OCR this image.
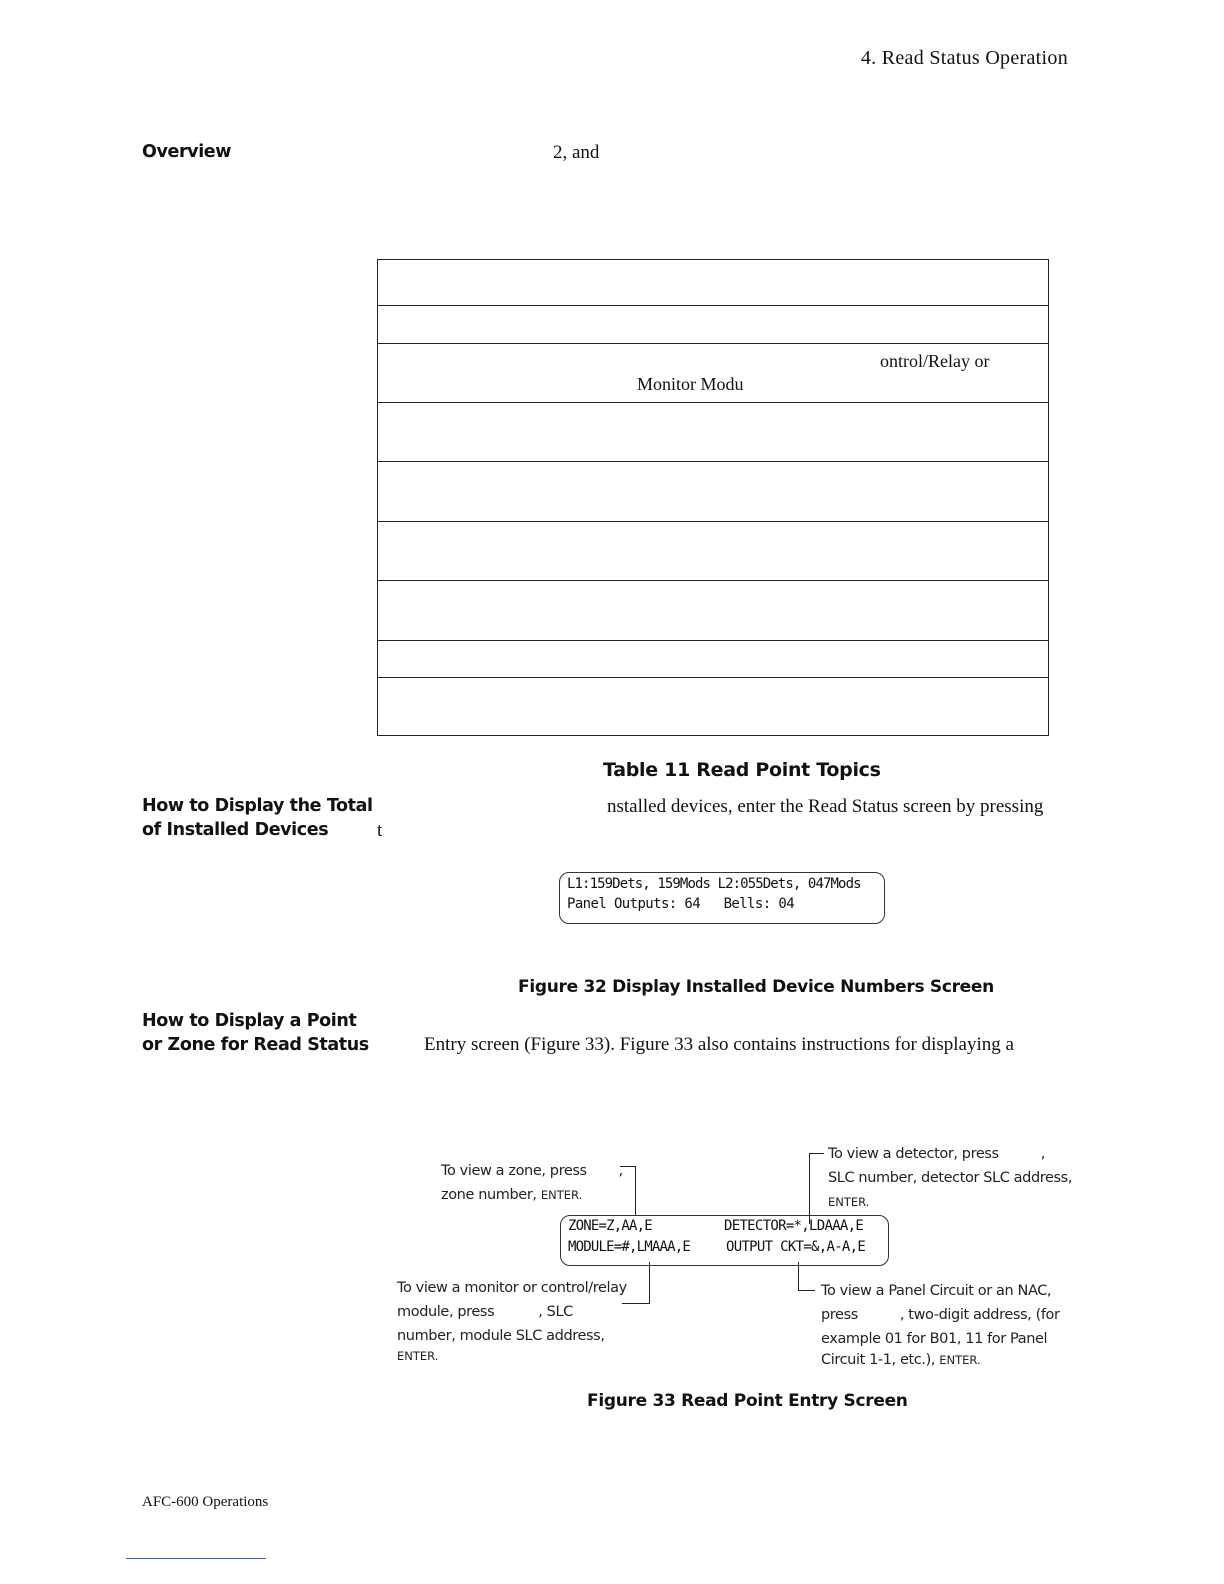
4. Read Status Operation
Overview	2, and
ontrol/Relay or
Monitor Modu
Table 11 Read Point Topics
How to Display the Total
of Installed Devices
nstalled devices, enter the Read Status screen by pressing
t
L1:159Dets, 159Mods L2:055Dets, 047Mods
Panel Outputs: 64   Bells: 04
Figure 32 Display Installed Device Numbers Screen
How to Display a Point
or Zone for Read Status	Entry screen (Figure 33). Figure 33 also contains instructions for displaying a
ZONE=Z,AA,E	DETECTOR=*,LDAAA,E
MODULE=#,LMAAA,E	OUTPUT CKT=&,A-A,E
To view a zone, press ,
zone number, ENTER.
To view a detector, press	,
SLC number, detector SLC address,
ENTER.
To view a monitor or control/relay
module, press	, SLC
number, module SLC address,
$^{ENTER.}$
To view a Panel Circuit or an NAC,
press	, two-digit address, (for
example 01 for B01, 11 for Panel
Circuit 1-1, etc.), ENTER.
Figure 33 Read Point Entry Screen
AFC-600 Operations
